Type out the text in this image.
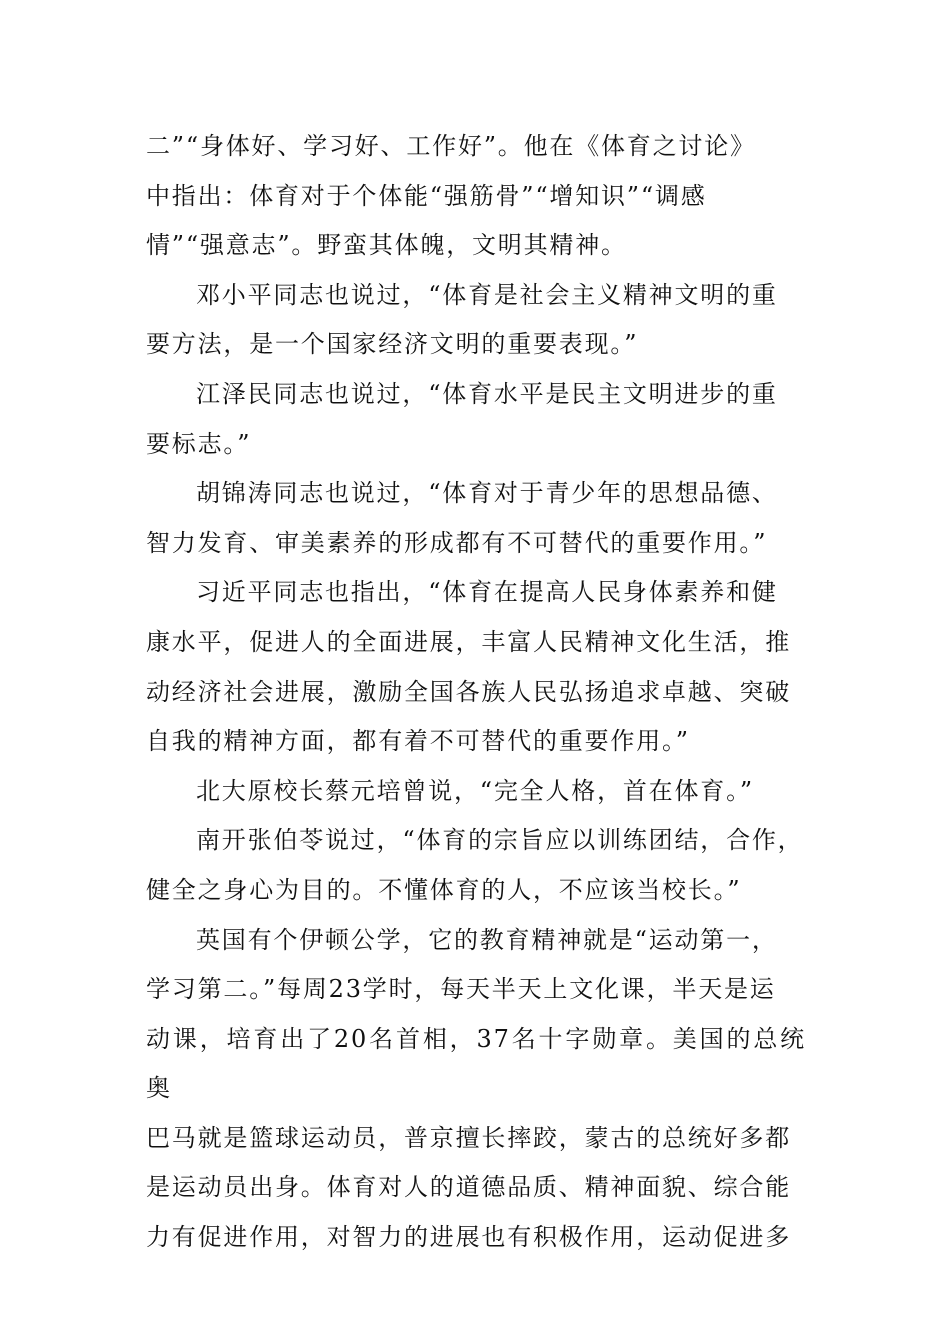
二”“身体好、学习好、工作好”。他在《体育之讨论》
中指出：体育对于个体能“强筋骨”“增知识”“调感
情”“强意志”。野蛮其体魄，文明其精神。
邓小平同志也说过，“体育是社会主义精神文明的重
要方法，是一个国家经济文明的重要表现。”
江泽民同志也说过，“体育水平是民主文明进步的重
要标志。”
胡锦涛同志也说过，“体育对于青少年的思想品德、
智力发育、审美素养的形成都有不可替代的重要作用。”
习近平同志也指出，“体育在提高人民身体素养和健
康水平，促进人的全面进展，丰富人民精神文化生活，推
动经济社会进展，激励全国各族人民弘扬追求卓越、突破
自我的精神方面，都有着不可替代的重要作用。”
北大原校长蔡元培曾说，“完全人格，首在体育。”
南开张伯苓说过，“体育的宗旨应以训练团结，合作，
健全之身心为目的。不懂体育的人，不应该当校长。”
英国有个伊顿公学，它的教育精神就是“运动第一，
学习第二。”每周23学时，每天半天上文化课，半天是运
动课，培育出了20名首相，37名十字勋章。美国的总统奥
巴马就是篮球运动员，普京擅长摔跤，蒙古的总统好多都
是运动员出身。体育对人的道德品质、精神面貌、综合能
力有促进作用，对智力的进展也有积极作用，运动促进多
